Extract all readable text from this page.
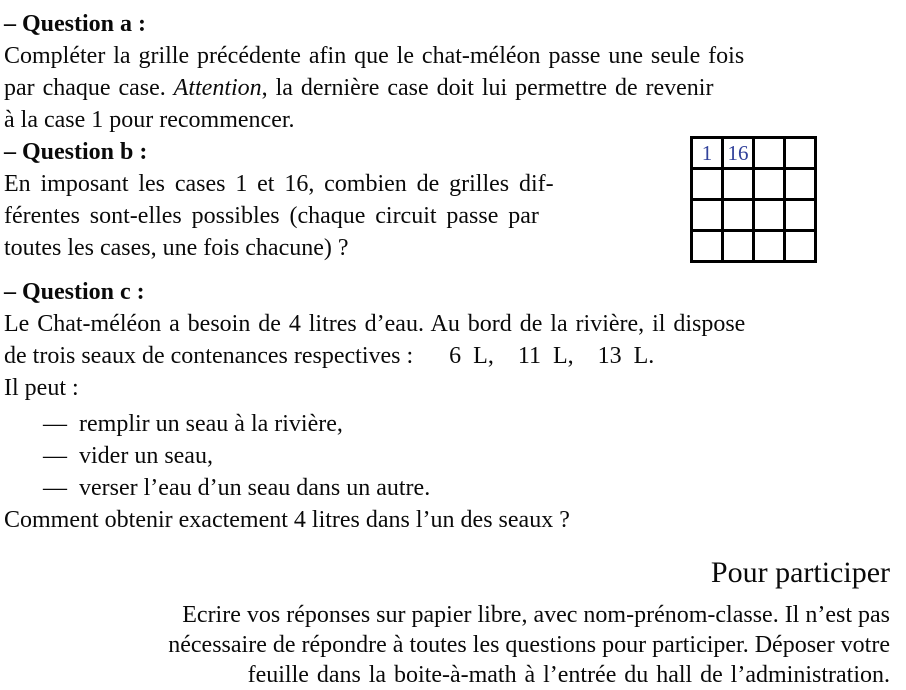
– Question a :
Compléter la grille précédente afin que le chat-méléon passe une seule fois
par chaque case. Attention, la dernière case doit lui permettre de revenir
à la case 1 pour recommencer.
– Question b :
En imposant les cases 1 et 16, combien de grilles dif-
férentes sont-elles possibles (chaque circuit passe par
toutes les cases, une fois chacune) ?
– Question c :
Le Chat-méléon a besoin de 4 litres d’eau. Au bord de la rivière, il dispose
de trois seaux de contenances respectives :      6  L,    11  L,    13  L.
Il peut :
— remplir un seau à la rivière,
— vider un seau,
— verser l’eau d’un seau dans un autre.
Comment obtenir exactement 4 litres dans l’un des seaux ?
Pour participer
Ecrire vos réponses sur papier libre, avec nom-prénom-classe. Il n’est pas
nécessaire de répondre à toutes les questions pour participer. Déposer votre
feuille dans la boite-à-math à l’entrée du hall de l’administration.
1	16		
